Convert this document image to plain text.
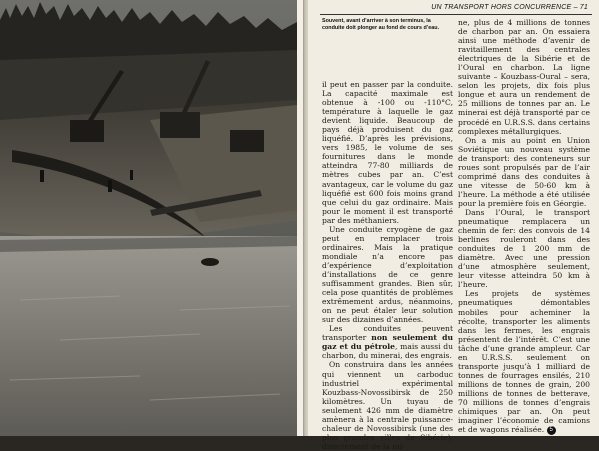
UN TRANSPORT HORS CONCURRENCE – 71
Souvent, avant d’arriver à son terminus, la conduite doit plonger au fond de cours d’eau.

il peut en passer par la conduite. La capacité maximale est obtenue à -100 ou -110°C, température à laquelle le gaz devient liquide. Beaucoup de pays déjà produisent du gaz liquéfié. D’après les prévisions, vers 1985, le volume de ses fournitures dans le monde atteindra 77-80 milliards de mètres cubes par an. C’est avantageux, car le volume du gaz liquéfié est 600 fois moins grand que celui du gaz ordinaire. Mais pour le moment il est transporté par des méthaniers.

Une conduite cryogène de gaz peut en remplacer trois ordinaires. Mais la pratique mondiale n’a encore pas d’expérience d’exploitation d’installations de ce genre suffisamment grandes. Bien sûr, cela pose quantités de problèmes extrêmement ardus, néanmoins, on ne peut étaler leur solution sur des dizaines d’années.

Les conduites peuvent transporter non seulement du gaz et du pétrole, mais aussi du charbon, du minerai, des engrais.

On construira dans les années qui viennent un carboduc industriel expérimental Kouzbass-Novossibirsk de 250 kilomètres. Un tuyau de seulement 426 mm de diamètre amènera à la centrale puissance-chaleur de Novossibirsk (une des plus grandes villes de Sibérie), directement de la mi-

ne, plus de 4 millions de tonnes de charbon par an. On essaiera ainsi une méthode d’avenir de ravitaillement des centrales électriques de la Sibérie et de l’Oural en charbon. La ligne suivante – Kouzbass-Oural – sera, selon les projets, dix fois plus longue et aura un rendement de 25 millions de tonnes par an. Le minerai est déjà transporté par ce procédé en U.R.S.S. dans certains complexes métallurgiques.

On a mis au point en Union Soviétique un nouveau système de transport: des conteneurs sur roues sont propulsés par de l’air comprimé dans des conduites à une vitesse de 50-60 km à l’heure. La méthode a été utilisée pour la première fois en Géorgie.

Dans l’Oural, le transport pneumatique remplacera un chemin de fer: des convois de 14 berlines rouleront dans des conduites de 1 200 mm de diamètre. Avec une pression d’une atmosphère seulement, leur vitesse atteindra 50 km à l’heure.

Les projets de systèmes pneumatiques démontables mobiles pour acheminer la récolte, transporter les aliments dans les fermes, les engrais présentent de l’intérêt. C’est une tâche d’une grande ampleur. Car en U.R.S.S. seulement on transporte jusqu’à 1 milliard de tonnes de fourrages ensilés, 210 millions de tonnes de grain, 200 millions de tonnes de betterave, 70 millions de tonnes d’engrais chimiques par an. On peut imaginer l’économie de camions et de wagons réalisée. 5
